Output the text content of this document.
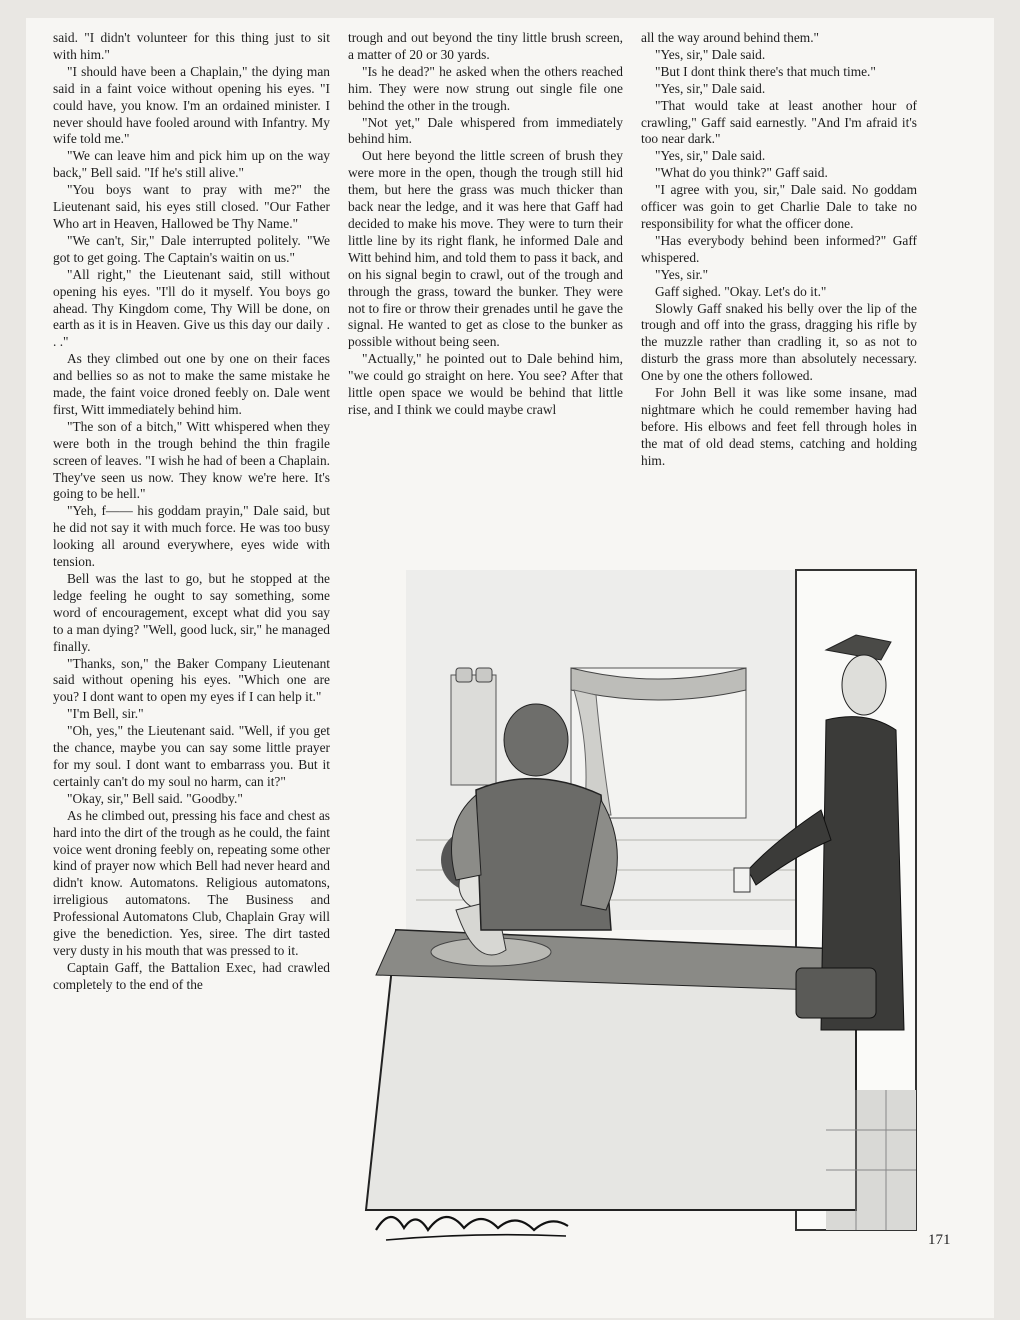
said. "I didn't volunteer for this thing just to sit with him."

"I should have been a Chaplain," the dying man said in a faint voice without opening his eyes. "I could have, you know. I'm an ordained minister. I never should have fooled around with Infantry. My wife told me."

"We can leave him and pick him up on the way back," Bell said. "If he's still alive."

"You boys want to pray with me?" the Lieutenant said, his eyes still closed. "Our Father Who art in Heaven, Hallowed be Thy Name."

"We can't, Sir," Dale interrupted politely. "We got to get going. The Captain's waitin on us."

"All right," the Lieutenant said, still without opening his eyes. "I'll do it myself. You boys go ahead. Thy Kingdom come, Thy Will be done, on earth as it is in Heaven. Give us this day our daily . . ."

As they climbed out one by one on their faces and bellies so as not to make the same mistake he made, the faint voice droned feebly on. Dale went first, Witt immediately behind him.

"The son of a bitch," Witt whispered when they were both in the trough behind the thin fragile screen of leaves. "I wish he had of been a Chaplain. They've seen us now. They know we're here. It's going to be hell."

"Yeh, f—— his goddam prayin," Dale said, but he did not say it with much force. He was too busy looking all around everywhere, eyes wide with tension.

Bell was the last to go, but he stopped at the ledge feeling he ought to say something, some word of encouragement, except what did you say to a man dying? "Well, good luck, sir," he managed finally.

"Thanks, son," the Baker Company Lieutenant said without opening his eyes. "Which one are you? I dont want to open my eyes if I can help it."

"I'm Bell, sir."

"Oh, yes," the Lieutenant said. "Well, if you get the chance, maybe you can say some little prayer for my soul. I dont want to embarrass you. But it certainly can't do my soul no harm, can it?"

"Okay, sir," Bell said. "Goodby."

As he climbed out, pressing his face and chest as hard into the dirt of the trough as he could, the faint voice went droning feebly on, repeating some other kind of prayer now which Bell had never heard and didn't know. Automatons. Religious automatons, irreligious automatons. The Business and Professional Automatons Club, Chaplain Gray will give the benediction. Yes, siree. The dirt tasted very dusty in his mouth that was pressed to it.

Captain Gaff, the Battalion Exec, had crawled completely to the end of the

trough and out beyond the tiny little brush screen, a matter of 20 or 30 yards.

"Is he dead?" he asked when the others reached him. They were now strung out single file one behind the other in the trough.

"Not yet," Dale whispered from immediately behind him.

Out here beyond the little screen of brush they were more in the open, though the trough still hid them, but here the grass was much thicker than back near the ledge, and it was here that Gaff had decided to make his move. They were to turn their little line by its right flank, he informed Dale and Witt behind him, and told them to pass it back, and on his signal begin to crawl, out of the trough and through the grass, toward the bunker. They were not to fire or throw their grenades until he gave the signal. He wanted to get as close to the bunker as possible without being seen.

"Actually," he pointed out to Dale behind him, "we could go straight on here. You see? After that little open space we would be behind that little rise, and I think we could maybe crawl

all the way around behind them."

"Yes, sir," Dale said.

"But I dont think there's that much time."

"Yes, sir," Dale said.

"That would take at least another hour of crawling," Gaff said earnestly. "And I'm afraid it's too near dark."

"Yes, sir," Dale said.

"What do you think?" Gaff said.

"I agree with you, sir," Dale said. No goddam officer was goin to get Charlie Dale to take no responsibility for what the officer done.

"Has everybody behind been informed?" Gaff whispered.

"Yes, sir."

Gaff sighed. "Okay. Let's do it."

Slowly Gaff snaked his belly over the lip of the trough and off into the grass, dragging his rifle by the muzzle rather than cradling it, so as not to disturb the grass more than absolutely necessary. One by one the others followed.

For John Bell it was like some insane, mad nightmare which he could remember having had before. His elbows and feet fell through holes in the mat of old dead stems, catching and holding him.

171
